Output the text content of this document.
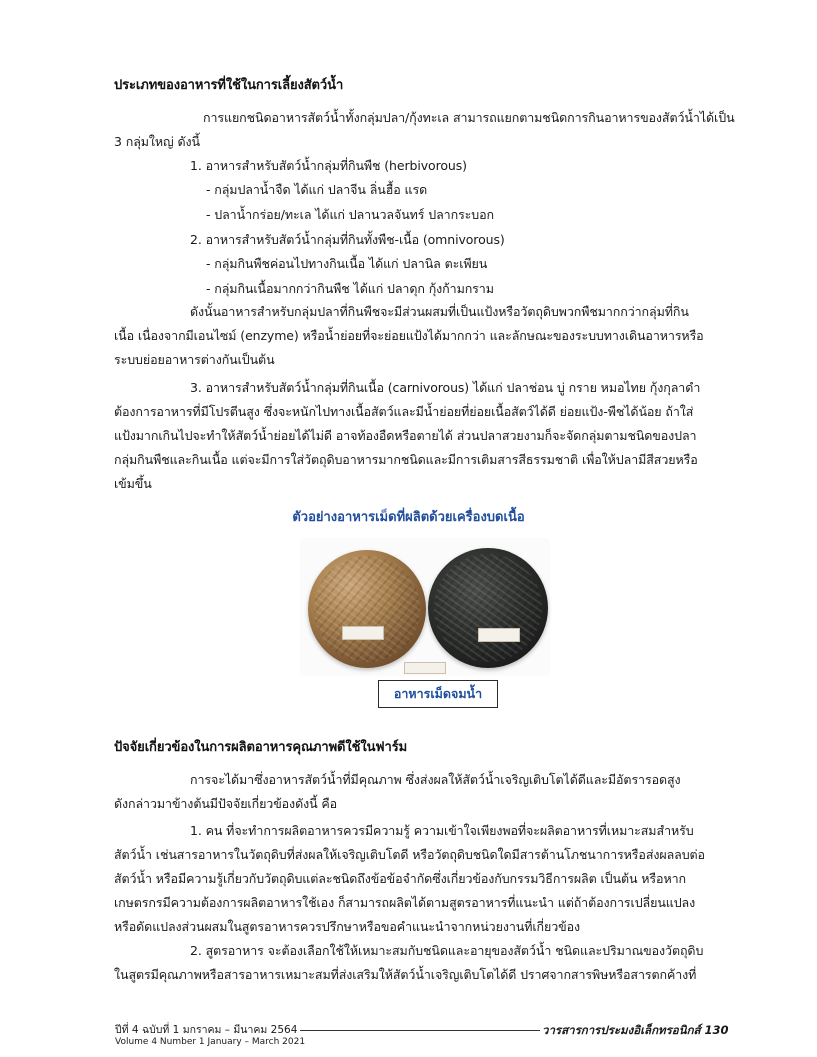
ประเภทของอาหารที่ใช้ในการเลี้ยงสัตว์น้ำ
การแยกชนิดอาหารสัตว์น้ำทั้งกลุ่มปลา/กุ้งทะเล สามารถแยกตามชนิดการกินอาหารของสัตว์น้ำได้เป็น
3 กลุ่มใหญ่ ดังนี้
1. อาหารสำหรับสัตว์น้ำกลุ่มที่กินพืช (herbivorous)
- กลุ่มปลาน้ำจืด ได้แก่ ปลาจีน ลิ่นฮื้อ แรด
- ปลาน้ำกร่อย/ทะเล ได้แก่ ปลานวลจันทร์ ปลากระบอก
2. อาหารสำหรับสัตว์น้ำกลุ่มที่กินทั้งพืช-เนื้อ (omnivorous)
- กลุ่มกินพืชค่อนไปทางกินเนื้อ ได้แก่ ปลานิล ตะเพียน
- กลุ่มกินเนื้อมากกว่ากินพืช ได้แก่ ปลาดุก กุ้งก้ามกราม
ดังนั้นอาหารสำหรับกลุ่มปลาที่กินพืชจะมีส่วนผสมที่เป็นแป้งหรือวัตถุดิบพวกพืชมากกว่ากลุ่มที่กิน
เนื้อ เนื่องจากมีเอนไซม์ (enzyme) หรือน้ำย่อยที่จะย่อยแป้งได้มากกว่า และลักษณะของระบบทางเดินอาหารหรือ
ระบบย่อยอาหารต่างกันเป็นต้น
3. อาหารสำหรับสัตว์น้ำกลุ่มที่กินเนื้อ (carnivorous) ได้แก่ ปลาช่อน บู่ กราย หมอไทย กุ้งกุลาดำ
ต้องการอาหารที่มีโปรตีนสูง ซึ่งจะหนักไปทางเนื้อสัตว์และมีน้ำย่อยที่ย่อยเนื้อสัตว์ได้ดี ย่อยแป้ง-พืชได้น้อย ถ้าใส่
แป้งมากเกินไปจะทำให้สัตว์น้ำย่อยได้ไม่ดี อาจท้องอืดหรือตายได้ ส่วนปลาสวยงามก็จะจัดกลุ่มตามชนิดของปลา
กลุ่มกินพืชและกินเนื้อ แต่จะมีการใส่วัตถุดิบอาหารมากชนิดและมีการเติมสารสีธรรมชาติ เพื่อให้ปลามีสีสวยหรือ
เข้มขึ้น
ตัวอย่างอาหารเม็ดที่ผลิตด้วยเครื่องบดเนื้อ
อาหารเม็ดจมน้ำ
ปัจจัยเกี่ยวข้องในการผลิตอาหารคุณภาพดีใช้ในฟาร์ม
การจะได้มาซึ่งอาหารสัตว์น้ำที่มีคุณภาพ ซึ่งส่งผลให้สัตว์น้ำเจริญเติบโตได้ดีและมีอัตรารอดสูง
ดังกล่าวมาข้างต้นมีปัจจัยเกี่ยวข้องดังนี้ คือ
1. คน ที่จะทำการผลิตอาหารควรมีความรู้ ความเข้าใจเพียงพอที่จะผลิตอาหารที่เหมาะสมสำหรับ
สัตว์น้ำ เช่นสารอาหารในวัตถุดิบที่ส่งผลให้เจริญเติบโตดี หรือวัตถุดิบชนิดใดมีสารต้านโภชนาการหรือส่งผลลบต่อ
สัตว์น้ำ หรือมีความรู้เกี่ยวกับวัตถุดิบแต่ละชนิดถึงข้อข้อจำกัดซึ่งเกี่ยวข้องกับกรรมวิธีการผลิต เป็นต้น หรือหาก
เกษตรกรมีความต้องการผลิตอาหารใช้เอง ก็สามารถผลิตได้ตามสูตรอาหารที่แนะนำ แต่ถ้าต้องการเปลี่ยนแปลง
หรือดัดแปลงส่วนผสมในสูตรอาหารควรปรึกษาหรือขอคำแนะนำจากหน่วยงานที่เกี่ยวข้อง
2. สูตรอาหาร จะต้องเลือกใช้ให้เหมาะสมกับชนิดและอายุของสัตว์น้ำ ชนิดและปริมาณของวัตถุดิบ
ในสูตรมีคุณภาพหรือสารอาหารเหมาะสมที่ส่งเสริมให้สัตว์น้ำเจริญเติบโตได้ดี ปราศจากสารพิษหรือสารตกค้างที่
ปีที่ 4 ฉบับที่ 1 มกราคม – มีนาคม 2564
Volume 4 Number 1 January – March 2021
วารสารการประมงอิเล็กทรอนิกส์ 130
